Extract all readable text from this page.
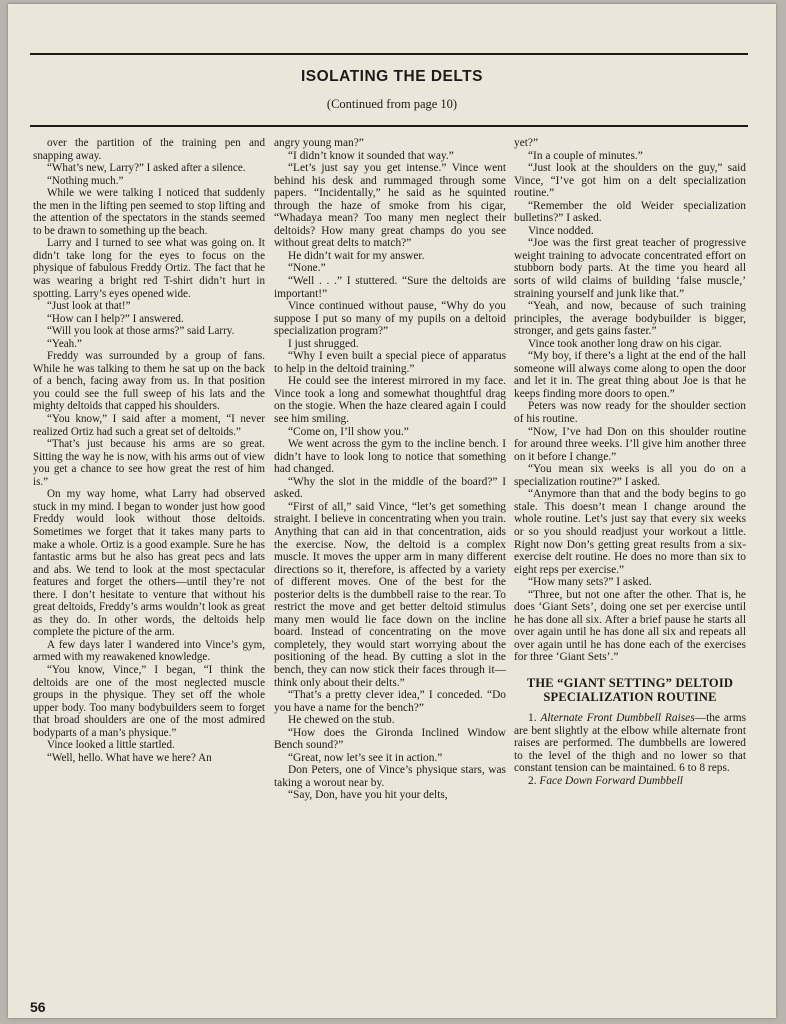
ISOLATING THE DELTS
(Continued from page 10)

over the partition of the training pen and snapping away.

“What’s new, Larry?” I asked after a silence.

“Nothing much.”

While we were talking I noticed that suddenly the men in the lifting pen seemed to stop lifting and the attention of the spectators in the stands seemed to be drawn to something up the beach.

Larry and I turned to see what was going on. It didn’t take long for the eyes to focus on the physique of fabulous Freddy Ortiz. The fact that he was wearing a bright red T-shirt didn’t hurt in spotting. Larry’s eyes opened wide.

“Just look at that!”

“How can I help?” I answered.

“Will you look at those arms?” said Larry.

“Yeah.”

Freddy was surrounded by a group of fans. While he was talking to them he sat up on the back of a bench, facing away from us. In that position you could see the full sweep of his lats and the mighty deltoids that capped his shoulders.

“You know,” I said after a moment, “I never realized Ortiz had such a great set of deltoids.”

“That’s just because his arms are so great. Sitting the way he is now, with his arms out of view you get a chance to see how great the rest of him is.”

On my way home, what Larry had observed stuck in my mind. I began to wonder just how good Freddy would look without those deltoids. Sometimes we forget that it takes many parts to make a whole. Ortiz is a good example. Sure he has fantastic arms but he also has great pecs and lats and abs. We tend to look at the most spectacular features and forget the others—until they’re not there. I don’t hesitate to venture that without his great deltoids, Freddy’s arms wouldn’t look as great as they do. In other words, the deltoids help complete the picture of the arm.

A few days later I wandered into Vince’s gym, armed with my reawakened knowledge.

“You know, Vince,” I began, “I think the deltoids are one of the most neglected muscle groups in the physique. They set off the whole upper body. Too many bodybuilders seem to forget that broad shoulders are one of the most admired bodyparts of a man’s physique.”

Vince looked a little startled.

“Well, hello. What have we here? An

angry young man?”

“I didn’t know it sounded that way.”

“Let’s just say you get intense.” Vince went behind his desk and rummaged through some papers. “Incidentally,” he said as he squinted through the haze of smoke from his cigar, “Whadaya mean? Too many men neglect their deltoids? How many great champs do you see without great delts to match?”

He didn’t wait for my answer.

“None.”

“Well . . .” I stuttered. “Sure the deltoids are important!”

Vince continued without pause, “Why do you suppose I put so many of my pupils on a deltoid specialization program?”

I just shrugged.

“Why I even built a special piece of apparatus to help in the deltoid training.”

He could see the interest mirrored in my face. Vince took a long and somewhat thoughtful drag on the stogie. When the haze cleared again I could see him smiling.

“Come on, I’ll show you.”

We went across the gym to the incline bench. I didn’t have to look long to notice that something had changed.

“Why the slot in the middle of the board?” I asked.

“First of all,” said Vince, “let’s get something straight. I believe in concentrating when you train. Anything that can aid in that concentration, aids the exercise. Now, the deltoid is a complex muscle. It moves the upper arm in many different directions so it, therefore, is affected by a variety of different moves. One of the best for the posterior delts is the dumbbell raise to the rear. To restrict the move and get better deltoid stimulus many men would lie face down on the incline board. Instead of concentrating on the move completely, they would start worrying about the positioning of the head. By cutting a slot in the bench, they can now stick their faces through it—think only about their delts.”

“That’s a pretty clever idea,” I conceded. “Do you have a name for the bench?”

He chewed on the stub.

“How does the Gironda Inclined Window Bench sound?”

“Great, now let’s see it in action.”

Don Peters, one of Vince’s physique stars, was taking a worout near by.

“Say, Don, have you hit your delts,

yet?”

“In a couple of minutes.”

“Just look at the shoulders on the guy,” said Vince, “I’ve got him on a delt specialization routine.”

“Remember the old Weider specialization bulletins?” I asked.

Vince nodded.

“Joe was the first great teacher of progressive weight training to advocate concentrated effort on stubborn body parts. At the time you heard all sorts of wild claims of building ‘false muscle,’ straining yourself and junk like that.”

“Yeah, and now, because of such training principles, the average bodybuilder is bigger, stronger, and gets gains faster.”

Vince took another long draw on his cigar.

“My boy, if there’s a light at the end of the hall someone will always come along to open the door and let it in. The great thing about Joe is that he keeps finding more doors to open.”

Peters was now ready for the shoulder section of his routine.

“Now, I’ve had Don on this shoulder routine for around three weeks. I’ll give him another three on it before I change.”

“You mean six weeks is all you do on a specialization routine?” I asked.

“Anymore than that and the body begins to go stale. This doesn’t mean I change around the whole routine. Let’s just say that every six weeks or so you should readjust your workout a little. Right now Don’s getting great results from a six-exercise delt routine. He does no more than six to eight reps per exercise.”

“How many sets?” I asked.

“Three, but not one after the other. That is, he does ‘Giant Sets’, doing one set per exercise until he has done all six. After a brief pause he starts all over again until he has done all six and repeats all over again until he has done each of the exercises for three ‘Giant Sets’.”

THE “GIANT SETTING” DELTOID SPECIALIZATION ROUTINE

1. Alternate Front Dumbbell Raises—the arms are bent slightly at the elbow while alternate front raises are performed. The dumbbells are lowered to the level of the thigh and no lower so that constant tension can be maintained. 6 to 8 reps.

2. Face Down Forward Dumbbell

56
